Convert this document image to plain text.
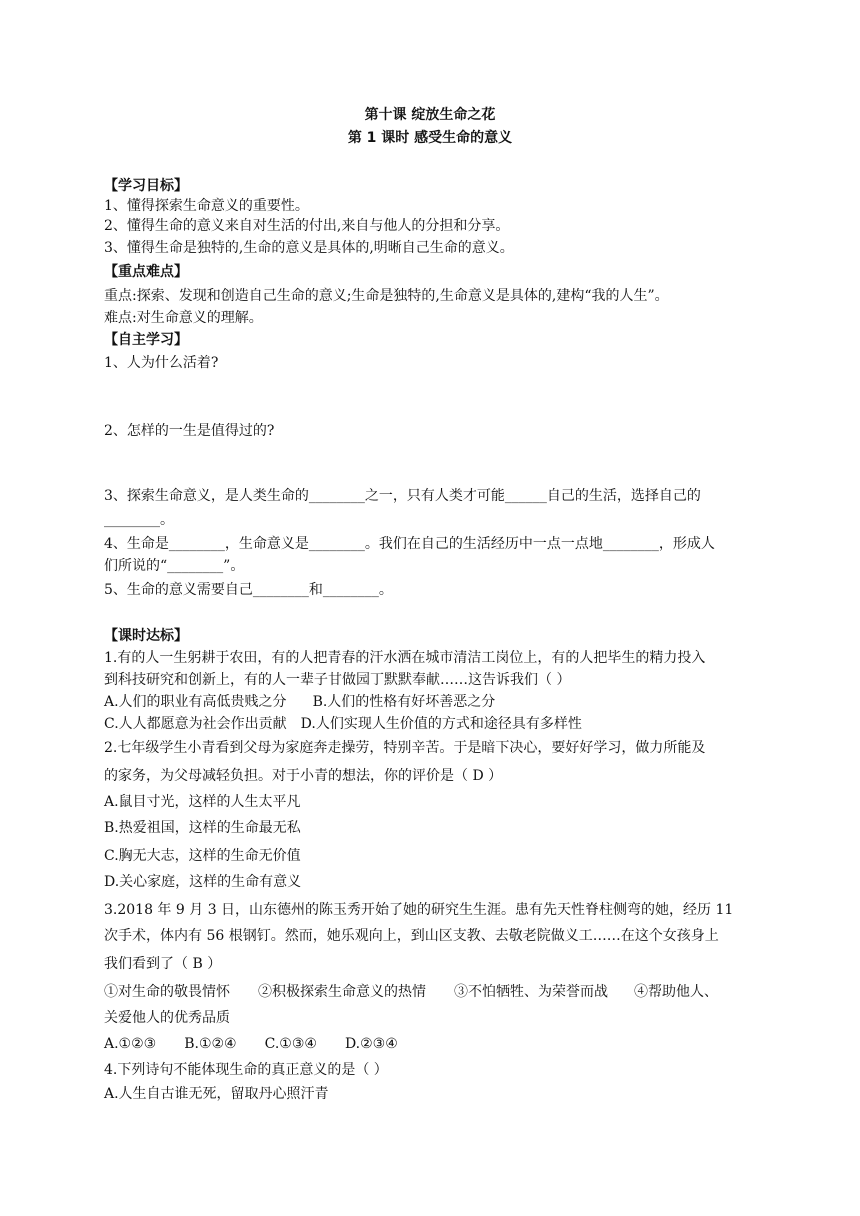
第十课 绽放生命之花
第 1 课时 感受生命的意义
【学习目标】
1、懂得探索生命意义的重要性。
2、懂得生命的意义来自对生活的付出,来自与他人的分担和分享。
3、懂得生命是独特的,生命的意义是具体的,明晰自己生命的意义。
【重点难点】
重点:探索、发现和创造自己生命的意义;生命是独特的,生命意义是具体的,建构“我的人生”。
难点:对生命意义的理解。
【自主学习】
1、人为什么活着?
2、怎样的一生是值得过的?
3、探索生命意义，是人类生命的________之一，只有人类才可能______自己的生活，选择自己的
________。
4、生命是________，生命意义是________。我们在自己的生活经历中一点一点地________，形成人
们所说的“________”。
5、生命的意义需要自己________和________。
【课时达标】
1.有的人一生躬耕于农田，有的人把青春的汗水洒在城市清洁工岗位上，有的人把毕生的精力投入
到科技研究和创新上，有的人一辈子甘做园丁默默奉献……这告诉我们（ ）
A.人们的职业有高低贵贱之分 B.人们的性格有好坏善恶之分
C.人人都愿意为社会作出贡献 D.人们实现人生价值的方式和途径具有多样性
2.七年级学生小青看到父母为家庭奔走操劳，特别辛苦。于是暗下决心，要好好学习，做力所能及
的家务，为父母减轻负担。对于小青的想法，你的评价是（ D ）
A.鼠目寸光，这样的人生太平凡
B.热爱祖国，这样的生命最无私
C.胸无大志，这样的生命无价值
D.关心家庭，这样的生命有意义
3.2018 年 9 月 3 日，山东德州的陈玉秀开始了她的研究生生涯。患有先天性脊柱侧弯的她，经历 11
次手术，体内有 56 根钢钉。然而，她乐观向上，到山区支教、去敬老院做义工……在这个女孩身上
我们看到了（ B ）
①对生命的敬畏情怀 ②积极探索生命意义的热情 ③不怕牺牲、为荣誉而战 ④帮助他人、
关爱他人的优秀品质
A.①②③ B.①②④ C.①③④ D.②③④
4.下列诗句不能体现生命的真正意义的是（ ）
A.人生自古谁无死，留取丹心照汗青
